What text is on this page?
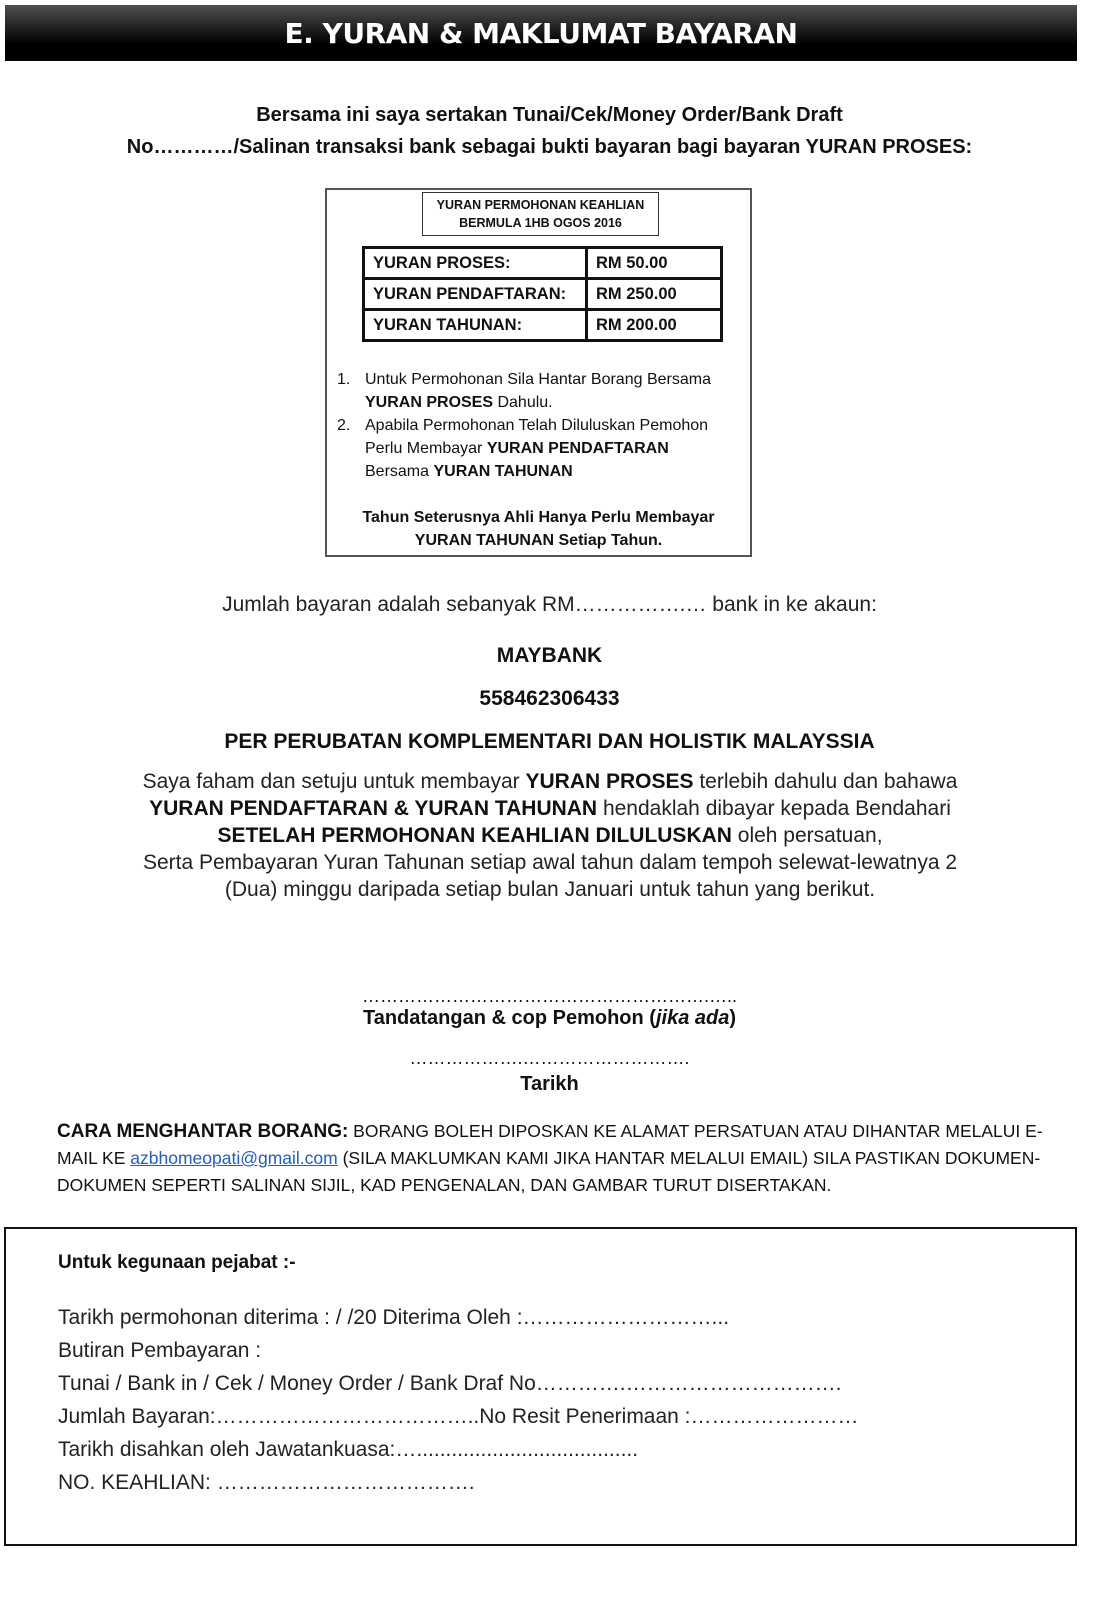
E. YURAN & MAKLUMAT BAYARAN
Bersama ini saya sertakan Tunai/Cek/Money Order/Bank Draft
No…………/Salinan transaksi bank sebagai bukti bayaran bagi bayaran YURAN PROSES:
YURAN PERMOHONAN KEAHLIAN
BERMULA 1HB OGOS 2016
YURAN PROSES:	RM 50.00
YURAN PENDAFTARAN:	RM 250.00
YURAN TAHUNAN:	RM 200.00
1. Untuk Permohonan Sila Hantar Borang Bersama
YURAN PROSES Dahulu.
2. Apabila Permohonan Telah Diluluskan Pemohon Perlu Membayar YURAN PENDAFTARAN
Bersama YURAN TAHUNAN
Tahun Seterusnya Ahli Hanya Perlu Membayar
YURAN TAHUNAN Setiap Tahun.
Jumlah bayaran adalah sebanyak RM…………….… bank in ke akaun:
MAYBANK
558462306433
PER PERUBATAN KOMPLEMENTARI DAN HOLISTIK MALAYSSIA
Saya faham dan setuju untuk membayar YURAN PROSES terlebih dahulu dan bahawa
YURAN PENDAFTARAN & YURAN TAHUNAN hendaklah dibayar kepada Bendahari
SETELAH PERMOHONAN KEAHLIAN DILULUSKAN oleh persatuan,
Serta Pembayaran Yuran Tahunan setiap awal tahun dalam tempoh selewat-lewatnya 2
(Dua) minggu daripada setiap bulan Januari untuk tahun yang berikut.
………………………………………………….…..
Tandatangan & cop Pemohon (jika ada)
……………….……………………….
Tarikh
CARA MENGHANTAR BORANG: BORANG BOLEH DIPOSKAN KE ALAMAT PERSATUAN ATAU DIHANTAR MELALUI E-MAIL KE azbhomeopati@gmail.com (SILA MAKLUMKAN KAMI JIKA HANTAR MELALUI EMAIL) SILA PASTIKAN DOKUMEN-DOKUMEN SEPERTI SALINAN SIJIL, KAD PENGENALAN, DAN GAMBAR TURUT DISERTAKAN.
Untuk kegunaan pejabat :-
Tarikh permohonan diterima : / /20 Diterima Oleh :………………………...
Butiran Pembayaran :
Tunai / Bank in / Cek / Money Order / Bank Draf No………….………………………….
Jumlah Bayaran:………………………………..No Resit Penerimaan :……………………
Tarikh disahkan oleh Jawatankuasa:…......................................
NO. KEAHLIAN: ……………………………….
